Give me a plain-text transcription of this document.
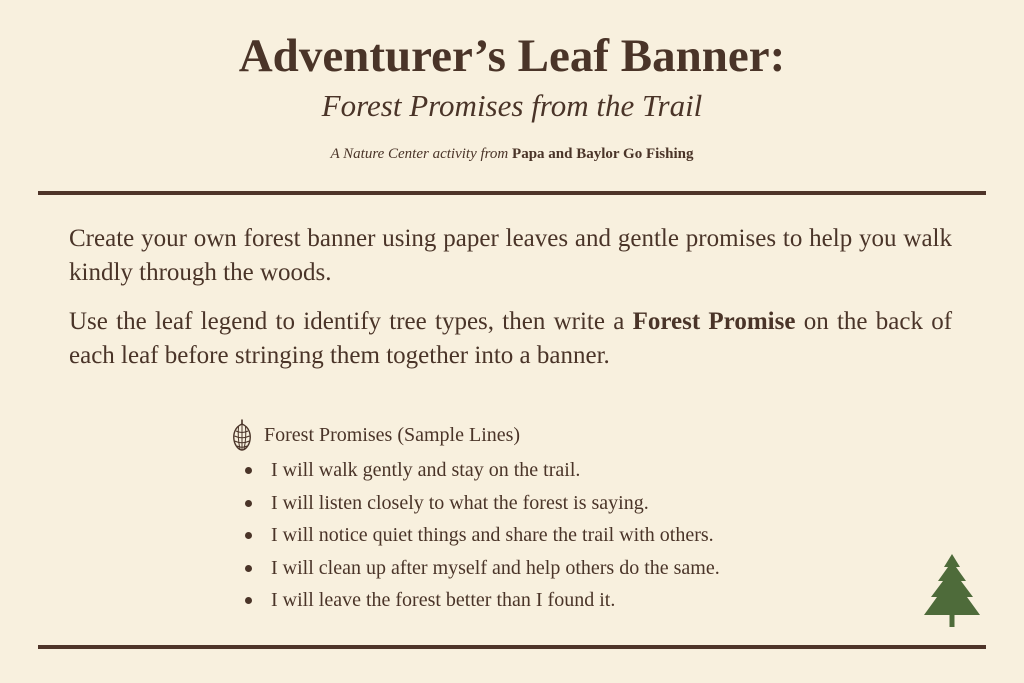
Adventurer’s Leaf Banner:
Forest Promises from the Trail
A Nature Center activity from Papa and Baylor Go Fishing

Create your own forest banner using paper leaves and gentle promises to help you walk kindly through the woods.

Use the leaf legend to identify tree types, then write a Forest Promise on the back of each leaf before stringing them together into a banner.

Forest Promises (Sample Lines)
I will walk gently and stay on the trail.
I will listen closely to what the forest is saying.
I will notice quiet things and share the trail with others.
I will clean up after myself and help others do the same.
I will leave the forest better than I found it.
